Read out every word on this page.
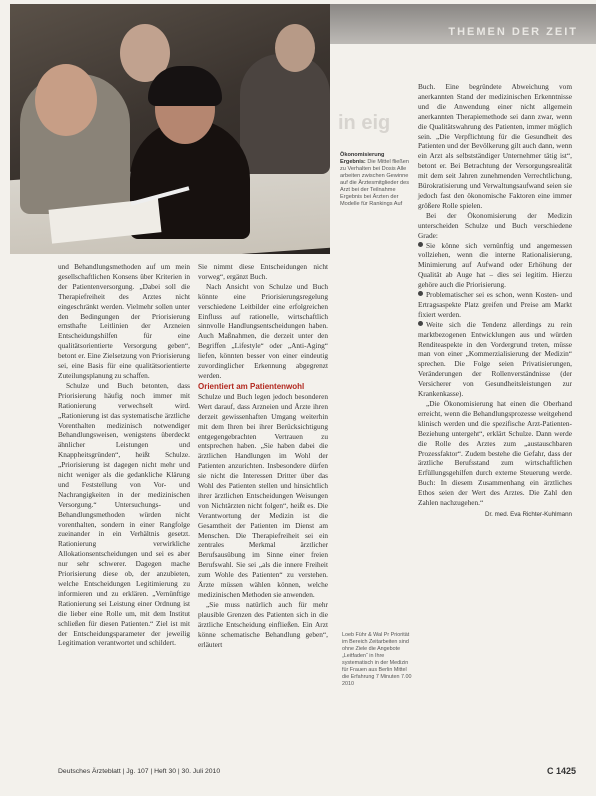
THEMEN DER ZEIT
in eig
Ökonomisierung
Ergebnis: Die Mittel fließen zu Verhalten bei Dosis Alle arbeiten zwischen Gewinne auf die Ärztesmitglieder des Arzt bei der Teilnahme Ergebnis bei Ärzten der Modelle für Rankings Auf

und Behandlungsmethoden auf um mein gesellschaftlichen Konsens über Kriterien in der Patientenversorgung. „Dabei soll die Therapiefreiheit des Arztes nicht eingeschränkt werden. Vielmehr sollen unter den Bedingungen der Priorisierung ernsthafte Leitlinien der Arzneien Entscheidungshilfen für eine qualitätsorientierte Versorgung geben“, betont er. Eine Zielsetzung von Priorisierung sei, eine Basis für eine qualitätsorientierte Zuteilungsplanung zu schaffen.

Schulze und Buch betonten, dass Priorisierung häufig noch immer mit Rationierung verwechselt wird. „Rationierung ist das systematische ärztliche Vorenthalten medizinisch notwendiger Behandlungsweisen, wenigstens überdeckt ähnlicher Leistungen und Knappheitsgründen“, heißt Schulze. „Priorisierung ist dagegen nicht mehr und nicht weniger als die gedankliche Klärung und Feststellung von Vor- und Nachrangigkeiten in der medizinischen Versorgung.“ Untersuchungs- und Behandlungsmethoden würden nicht vorenthalten, sondern in einer Rangfolge zueinander in ein Verhältnis gesetzt. Rationierung verwirkliche Allokationsentscheidungen und sei es aber nur sehr schwerer. Dagegen mache Priorisierung diese ob, der anzubieten, welche Entscheidungen Legitimierung zu informieren und zu erklären. „Vernünftige Rationierung sei Leistung einer Ordnung ist die lieber eine Rolle um, mit dem Institut schließen für diesen Patienten.“ Ziel ist mit der Entscheidungsparameter der jeweilig Legitimation verantwortet und schildert.

Sie nimmt diese Entscheidungen nicht vorweg“, ergänzt Buch.

Nach Ansicht von Schulze und Buch könnte eine Priorisierungsregelung verschiedene Leitbilder eine erfolgreichen Einfluss auf rationelle, wirtschaftlich sinnvolle Handlungsentscheidungen haben. Auch Maßnahmen, die derzeit unter den Begriffen „Lifestyle“ oder „Anti-Aging“ liefen, könnten besser von einer eindeutig zuvordinglicher Erkennung abgegrenzt werden.

Orientiert am Patientenwohl

Schulze und Buch legen jedoch besonderen Wert darauf, dass Arzneien und Ärzte ihren derzeit gewissenhaften Umgang weiterhin mit dem Ihren bei ihrer Berücksichtigung entgegengebrachten Vertrauen zu entsprechen haben. „Sie haben dabei die ärztlichen Handlungen im Wohl der Patienten anzurichten. Insbesondere dürfen sie nicht die Interessen Dritter über das Wohl des Patienten stellen und hinsichtlich ihrer ärztlichen Entscheidungen Weisungen von Nichtärzten nicht folgen“, heißt es. Die Verantwortung der Medizin ist die Gesamtheit der Patienten im Dienst am Menschen. Die Therapiefreiheit sei ein zentrales Merkmal ärztlicher Berufsausübung im Sinne einer freien Berufswahl. Sie sei „als die innere Freiheit zum Wohle des Patienten“ zu verstehen. Ärzte müssen wählen können, welche medizinischen Methoden sie anwenden.

„Sie muss natürlich auch für mehr plausible Grenzen des Patienten sich in die ärztliche Entscheidung einfließen. Ein Arzt könne schematische Behandlung geben“, erläutert

Buch. Eine begründete Abweichung vom anerkannten Stand der medizinischen Erkenntnisse und die Anwendung einer nicht allgemein anerkannten Therapiemethode sei dann zwar, wenn die Qualitätswahrung des Patienten, immer möglich sein. „Die Verpflichtung für die Gesundheit des Patienten und der Bevölkerung gilt auch dann, wenn ein Arzt als selbstständiger Unternehmer tätig ist“, betont er. Bei Betrachtung der Versorgungsrealität mit dem seit Jahren zunehmenden Verrechtlichung, Bürokratisierung und Verwaltungsaufwand seien sie jedoch fast den ökonomische Faktoren eine immer größere Rolle spielen.

Bei der Ökonomisierung der Medizin unterscheiden Schulze und Buch verschiedene Grade:

Sie könne sich vernünftig und angemessen vollziehen, wenn die interne Rationalisierung, Minimierung auf Aufwand oder Erhöhung der Qualität ab Auge hat – dies sei legitim. Hierzu gehöre auch die Priorisierung.

Problematischer sei es schon, wenn Kosten- und Ertragsaspekte Platz greifen und Preise am Markt fixiert werden.

Weite sich die Tendenz allerdings zu rein marktbezogenen Entwicklungen aus und würden Renditeaspekte in den Vordergrund treten, müsse man von einer „Kommerzialisierung der Medizin“ sprechen. Die Folge seien Privatisierungen, Veränderungen der Rollenverständnisse (der Versicherer von Gesundheitsleistungen zur Krankenkasse).

„Die Ökonomisierung hat einen die Oberhand erreicht, wenn die Behandlungsprozesse weitgehend klinisch werden und die spezifische Arzt-Patienten-Beziehung untergeht“, erklärt Schulze. Dann werde die Rolle des Arztes zum „austauschbaren Prozessfaktor“. Zudem bestehe die Gefahr, dass der ärztliche Berufsstand zum wirtschaftlichen Erfüllungsgehilfen durch externe Steuerung werde. Buch: In diesem Zusammenhang ein ärztliches Ethos seien der Wert des Arztes. Die Zahl den Zahlen nachzugehen.“

Dr. med. Eva Richter-Kuhlmann

Loeb Führ & Wal Pr Priorität im Bereich Zeitarbeiten sind ohne Ziele die Angebote „Leitfaden“ in Ihre systematisch in der Medizin für Frauen aus Berlin Mittel die Erfahrung 7 Minuten 7.00 2010
Deutsches Ärzteblatt | Jg. 107 | Heft 30 | 30. Juli 2010	C 1425
